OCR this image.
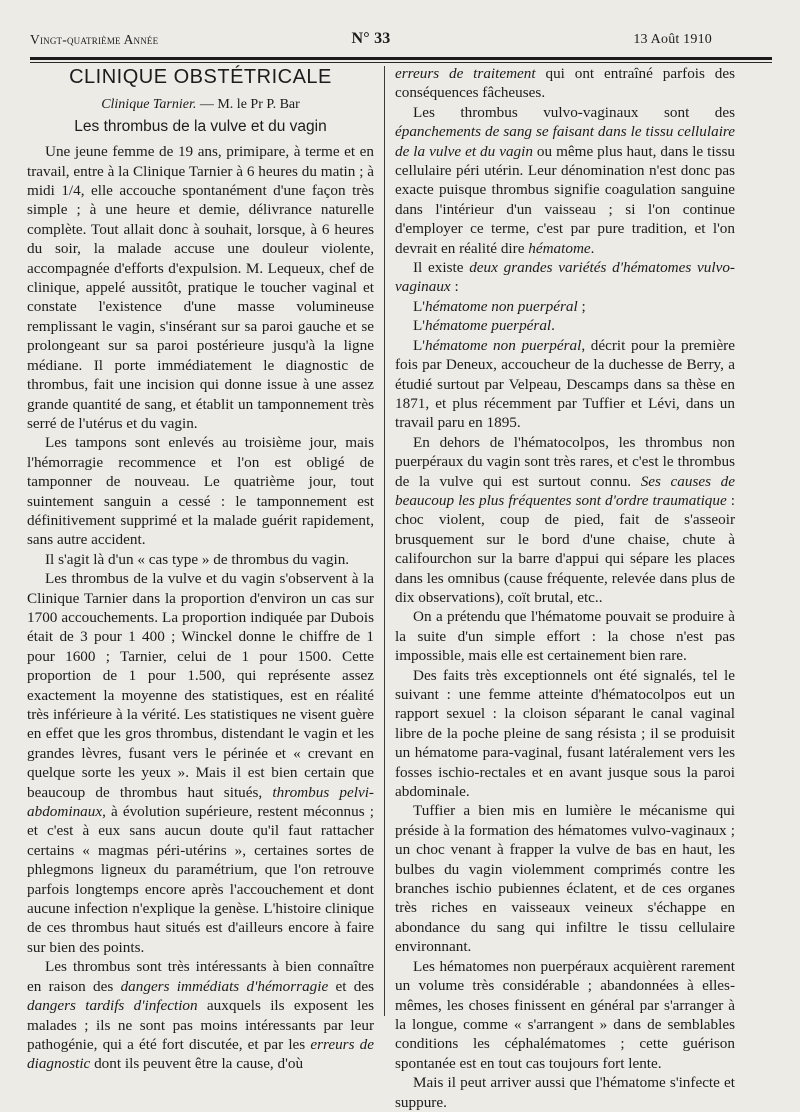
Vingt-quatrième Année	N° 33	13 Août 1910
CLINIQUE OBSTÉTRICALE
Clinique Tarnier. — M. le Pr P. Bar
Les thrombus de la vulve et du vagin

Une jeune femme de 19 ans, primipare, à terme et en travail, entre à la Clinique Tarnier à 6 heures du matin ; à midi 1/4, elle accouche spontanément d'une façon très simple ; à une heure et demie, délivrance naturelle complète. Tout allait donc à souhait, lorsque, à 6 heures du soir, la malade accuse une douleur violente, accompagnée d'efforts d'expulsion. M. Lequeux, chef de clinique, appelé aussitôt, pratique le toucher vaginal et constate l'existence d'une masse volumineuse remplissant le vagin, s'insérant sur sa paroi gauche et se prolongeant sur sa paroi postérieure jusqu'à la ligne médiane. Il porte immédiatement le diagnostic de thrombus, fait une incision qui donne issue à une assez grande quantité de sang, et établit un tamponnement très serré de l'utérus et du vagin.

Les tampons sont enlevés au troisième jour, mais l'hémorragie recommence et l'on est obligé de tamponner de nouveau. Le quatrième jour, tout suintement sanguin a cessé : le tamponnement est définitivement supprimé et la malade guérit rapidement, sans autre accident.

Il s'agit là d'un « cas type » de thrombus du vagin.

Les thrombus de la vulve et du vagin s'observent à la Clinique Tarnier dans la proportion d'environ un cas sur 1700 accouchements. La proportion indiquée par Dubois était de 3 pour 1 400 ; Winckel donne le chiffre de 1 pour 1600 ; Tarnier, celui de 1 pour 1500. Cette proportion de 1 pour 1.500, qui représente assez exactement la moyenne des statistiques, est en réalité très inférieure à la vérité. Les statistiques ne visent guère en effet que les gros thrombus, distendant le vagin et les grandes lèvres, fusant vers le périnée et « crevant en quelque sorte les yeux ». Mais il est bien certain que beaucoup de thrombus haut situés, thrombus pelvi-abdominaux, à évolution supérieure, restent méconnus ; et c'est à eux sans aucun doute qu'il faut rattacher certains « magmas péri-utérins », certaines sortes de phlegmons ligneux du paramétrium, que l'on retrouve parfois longtemps encore après l'accouchement et dont aucune infection n'explique la genèse. L'histoire clinique de ces thrombus haut situés est d'ailleurs encore à faire sur bien des points.

Les thrombus sont très intéressants à bien connaître en raison des dangers immédiats d'hémorragie et des dangers tardifs d'infection auxquels ils exposent les malades ; ils ne sont pas moins intéressants par leur pathogénie, qui a été fort discutée, et par les erreurs de diagnostic dont ils peuvent être la cause, d'où

erreurs de traitement qui ont entraîné parfois des conséquences fâcheuses.

Les thrombus vulvo-vaginaux sont des épanchements de sang se faisant dans le tissu cellulaire de la vulve et du vagin ou même plus haut, dans le tissu cellulaire péri utérin. Leur dénomination n'est donc pas exacte puisque thrombus signifie coagulation sanguine dans l'intérieur d'un vaisseau ; si l'on continue d'employer ce terme, c'est par pure tradition, et l'on devrait en réalité dire hématome.

Il existe deux grandes variétés d'hématomes vulvo-vaginaux :

L'hématome non puerpéral ;

L'hématome puerpéral.

L'hématome non puerpéral, décrit pour la première fois par Deneux, accoucheur de la duchesse de Berry, a étudié surtout par Velpeau, Descamps dans sa thèse en 1871, et plus récemment par Tuffier et Lévi, dans un travail paru en 1895.

En dehors de l'hématocolpos, les thrombus non puerpéraux du vagin sont très rares, et c'est le thrombus de la vulve qui est surtout connu. Ses causes de beaucoup les plus fréquentes sont d'ordre traumatique : choc violent, coup de pied, fait de s'asseoir brusquement sur le bord d'une chaise, chute à califourchon sur la barre d'appui qui sépare les places dans les omnibus (cause fréquente, relevée dans plus de dix observations), coït brutal, etc..

On a prétendu que l'hématome pouvait se produire à la suite d'un simple effort : la chose n'est pas impossible, mais elle est certainement bien rare.

Des faits très exceptionnels ont été signalés, tel le suivant : une femme atteinte d'hématocolpos eut un rapport sexuel : la cloison séparant le canal vaginal libre de la poche pleine de sang résista ; il se produisit un hématome para-vaginal, fusant latéralement vers les fosses ischio-rectales et en avant jusque sous la paroi abdominale.

Tuffier a bien mis en lumière le mécanisme qui préside à la formation des hématomes vulvo-vaginaux ; un choc venant à frapper la vulve de bas en haut, les bulbes du vagin violemment comprimés contre les branches ischio pubiennes éclatent, et de ces organes très riches en vaisseaux veineux s'échappe en abondance du sang qui infiltre le tissu cellulaire environnant.

Les hématomes non puerpéraux acquièrent rarement un volume très considérable ; abandonnées à elles-mêmes, les choses finissent en général par s'arranger à la longue, comme « s'arrangent » dans de semblables conditions les céphalématomes ; cette guérison spontanée est en tout cas toujours fort lente.

Mais il peut arriver aussi que l'hématome s'infecte et suppure.
